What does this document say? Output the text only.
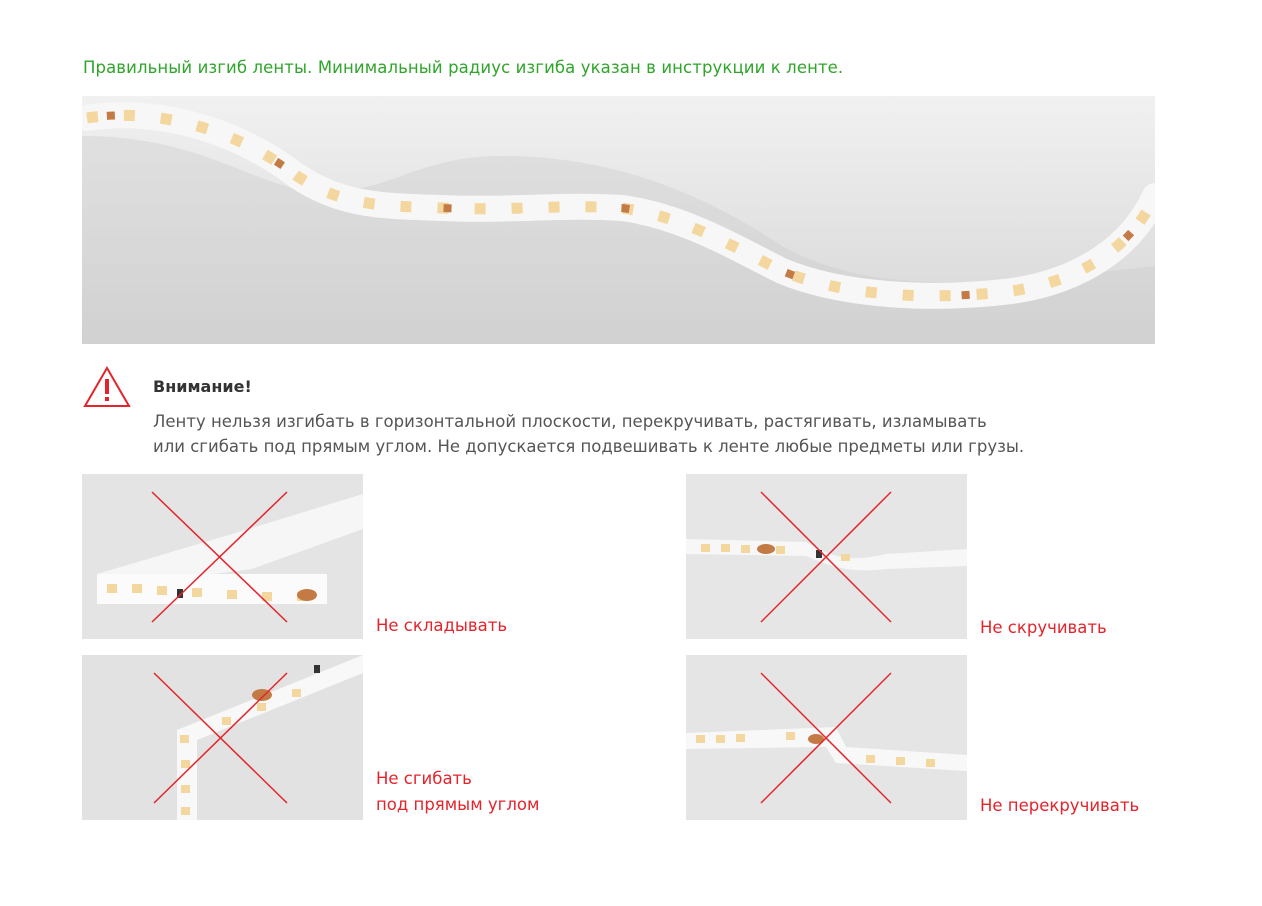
Правильный изгиб ленты. Минимальный радиус изгиба указан в инструкции к ленте.
Внимание!
Ленту нельзя изгибать в горизонтальной плоскости, перекручивать, растягивать, изламывать
или сгибать под прямым углом. Не допускается подвешивать к ленте любые предметы или грузы.
Не складывать	Не скручивать
Не сгибать
под прямым углом	Не перекручивать
